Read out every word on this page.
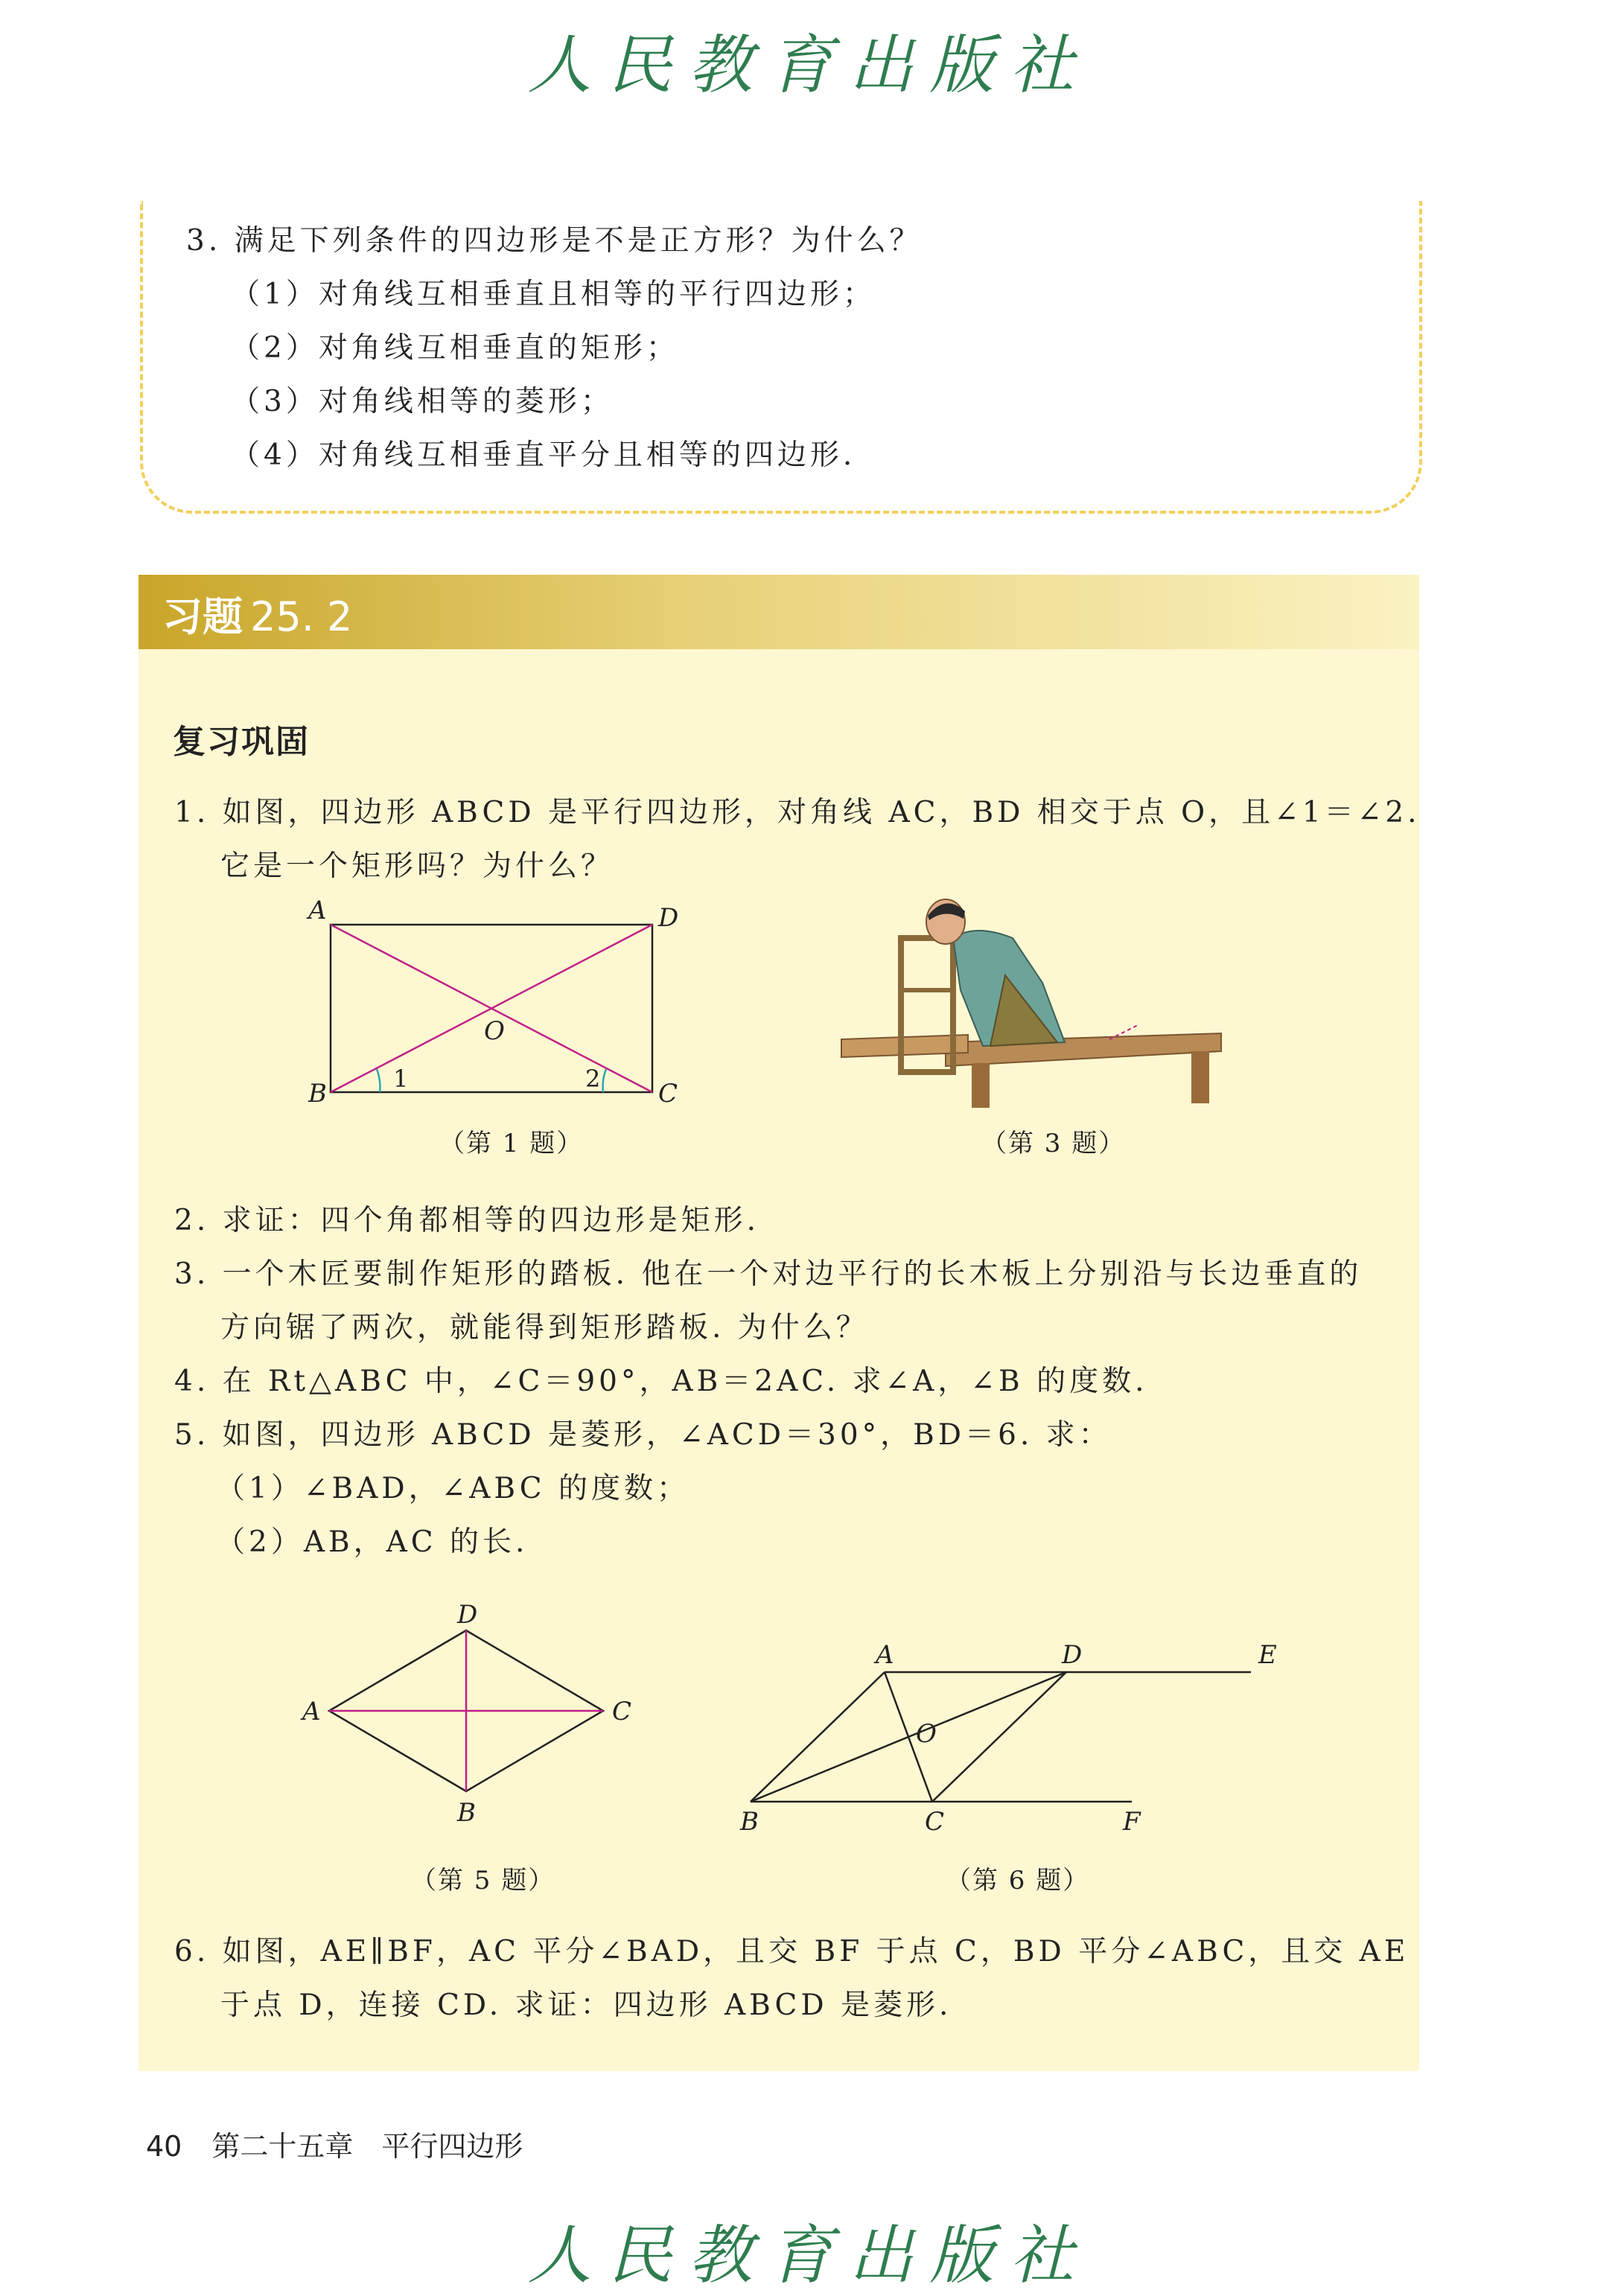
人民教育出版社
3. 满足下列条件的四边形是不是正方形？为什么？
（1）对角线互相垂直且相等的平行四边形；
（2）对角线互相垂直的矩形；
（3）对角线相等的菱形；
（4）对角线互相垂直平分且相等的四边形.
习题 25. 2
复习巩固
1. 如图，四边形 ABCD 是平行四边形，对角线 AC，BD 相交于点 O，且∠1＝∠2.
它是一个矩形吗？为什么？
A	D
B	C
O
1	2
（第 1 题）	（第 3 题）
2. 求证：四个角都相等的四边形是矩形.
3. 一个木匠要制作矩形的踏板. 他在一个对边平行的长木板上分别沿与长边垂直的
方向锯了两次，就能得到矩形踏板. 为什么？
4. 在 Rt△ABC 中，∠C＝90°，AB＝2AC. 求∠A，∠B 的度数.
5. 如图，四边形 ABCD 是菱形，∠ACD＝30°，BD＝6. 求：
（1）∠BAD，∠ABC 的度数；
（2）AB，AC 的长.
D
A	C
B
（第 5 题）
A	D	E
B	C	F
O
（第 6 题）
6. 如图，AE∥BF，AC 平分∠BAD，且交 BF 于点 C，BD 平分∠ABC，且交 AE
于点 D，连接 CD. 求证：四边形 ABCD 是菱形.
40 第二十五章　平行四边形
人民教育出版社
